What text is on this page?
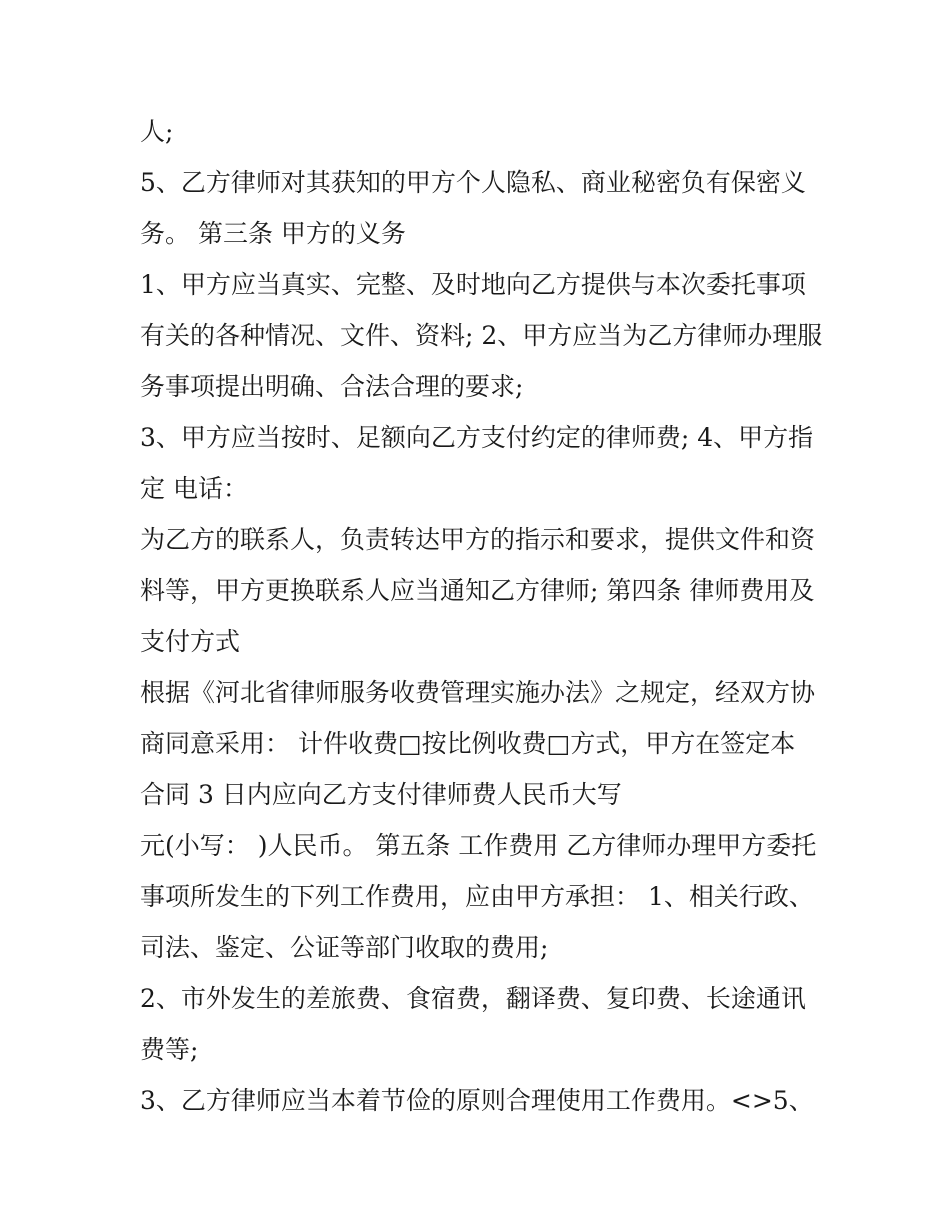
人;
5、乙方律师对其获知的甲方个人隐私、商业秘密负有保密义
务。 第三条 甲方的义务
1、甲方应当真实、完整、及时地向乙方提供与本次委托事项
有关的各种情况、文件、资料; 2、甲方应当为乙方律师办理服
务事项提出明确、合法合理的要求;
3、甲方应当按时、足额向乙方支付约定的律师费; 4、甲方指
定 电话：
为乙方的联系人，负责转达甲方的指示和要求，提供文件和资
料等，甲方更换联系人应当通知乙方律师; 第四条 律师费用及
支付方式
根据《河北省律师服务收费管理实施办法》之规定，经双方协
商同意采用： 计件收费□按比例收费□方式，甲方在签定本
合同 3 日内应向乙方支付律师费人民币大写
元(小写： )人民币。 第五条 工作费用 乙方律师办理甲方委托
事项所发生的下列工作费用，应由甲方承担： 1、相关行政、
司法、鉴定、公证等部门收取的费用;
2、市外发生的差旅费、食宿费，翻译费、复印费、长途通讯
费等;
3、乙方律师应当本着节俭的原则合理使用工作费用。<>5、
